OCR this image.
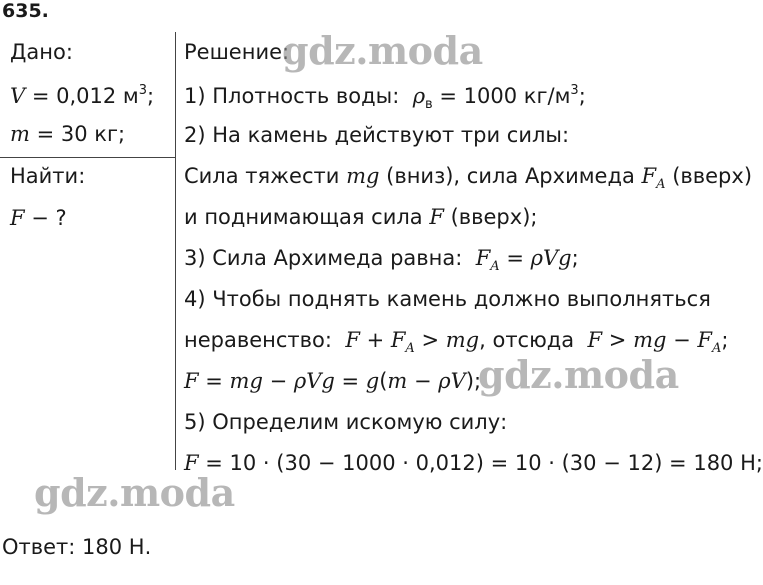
635.
Дано:
V = 0,012 $м^3$;
m = 30 кг;
Найти:
F − ?
Решение:
1) Плотность воды:  $\rho_в = 1000$ $кг/м^3$;
2) На камень действуют три силы:
Сила тяжести mg (вниз), сила Архимеда $F_A$ (вверх)
и поднимающая сила F (вверх);
3) Сила Архимеда равна:  $F_A = \rho Vg$;
4) Чтобы поднять камень должно выполняться
неравенство:  $F + F_A$ > mg, отсюда  F > mg − $F_A$;
F = mg − ρVg = g(m − ρV);
5) Определим искомую силу:
F = 10 · (30 − 1000 · 0,012) = 10 · (30 − 12) = 180 Н;
Ответ: 180 Н.
gdz.moda
gdz.moda
gdz.moda
